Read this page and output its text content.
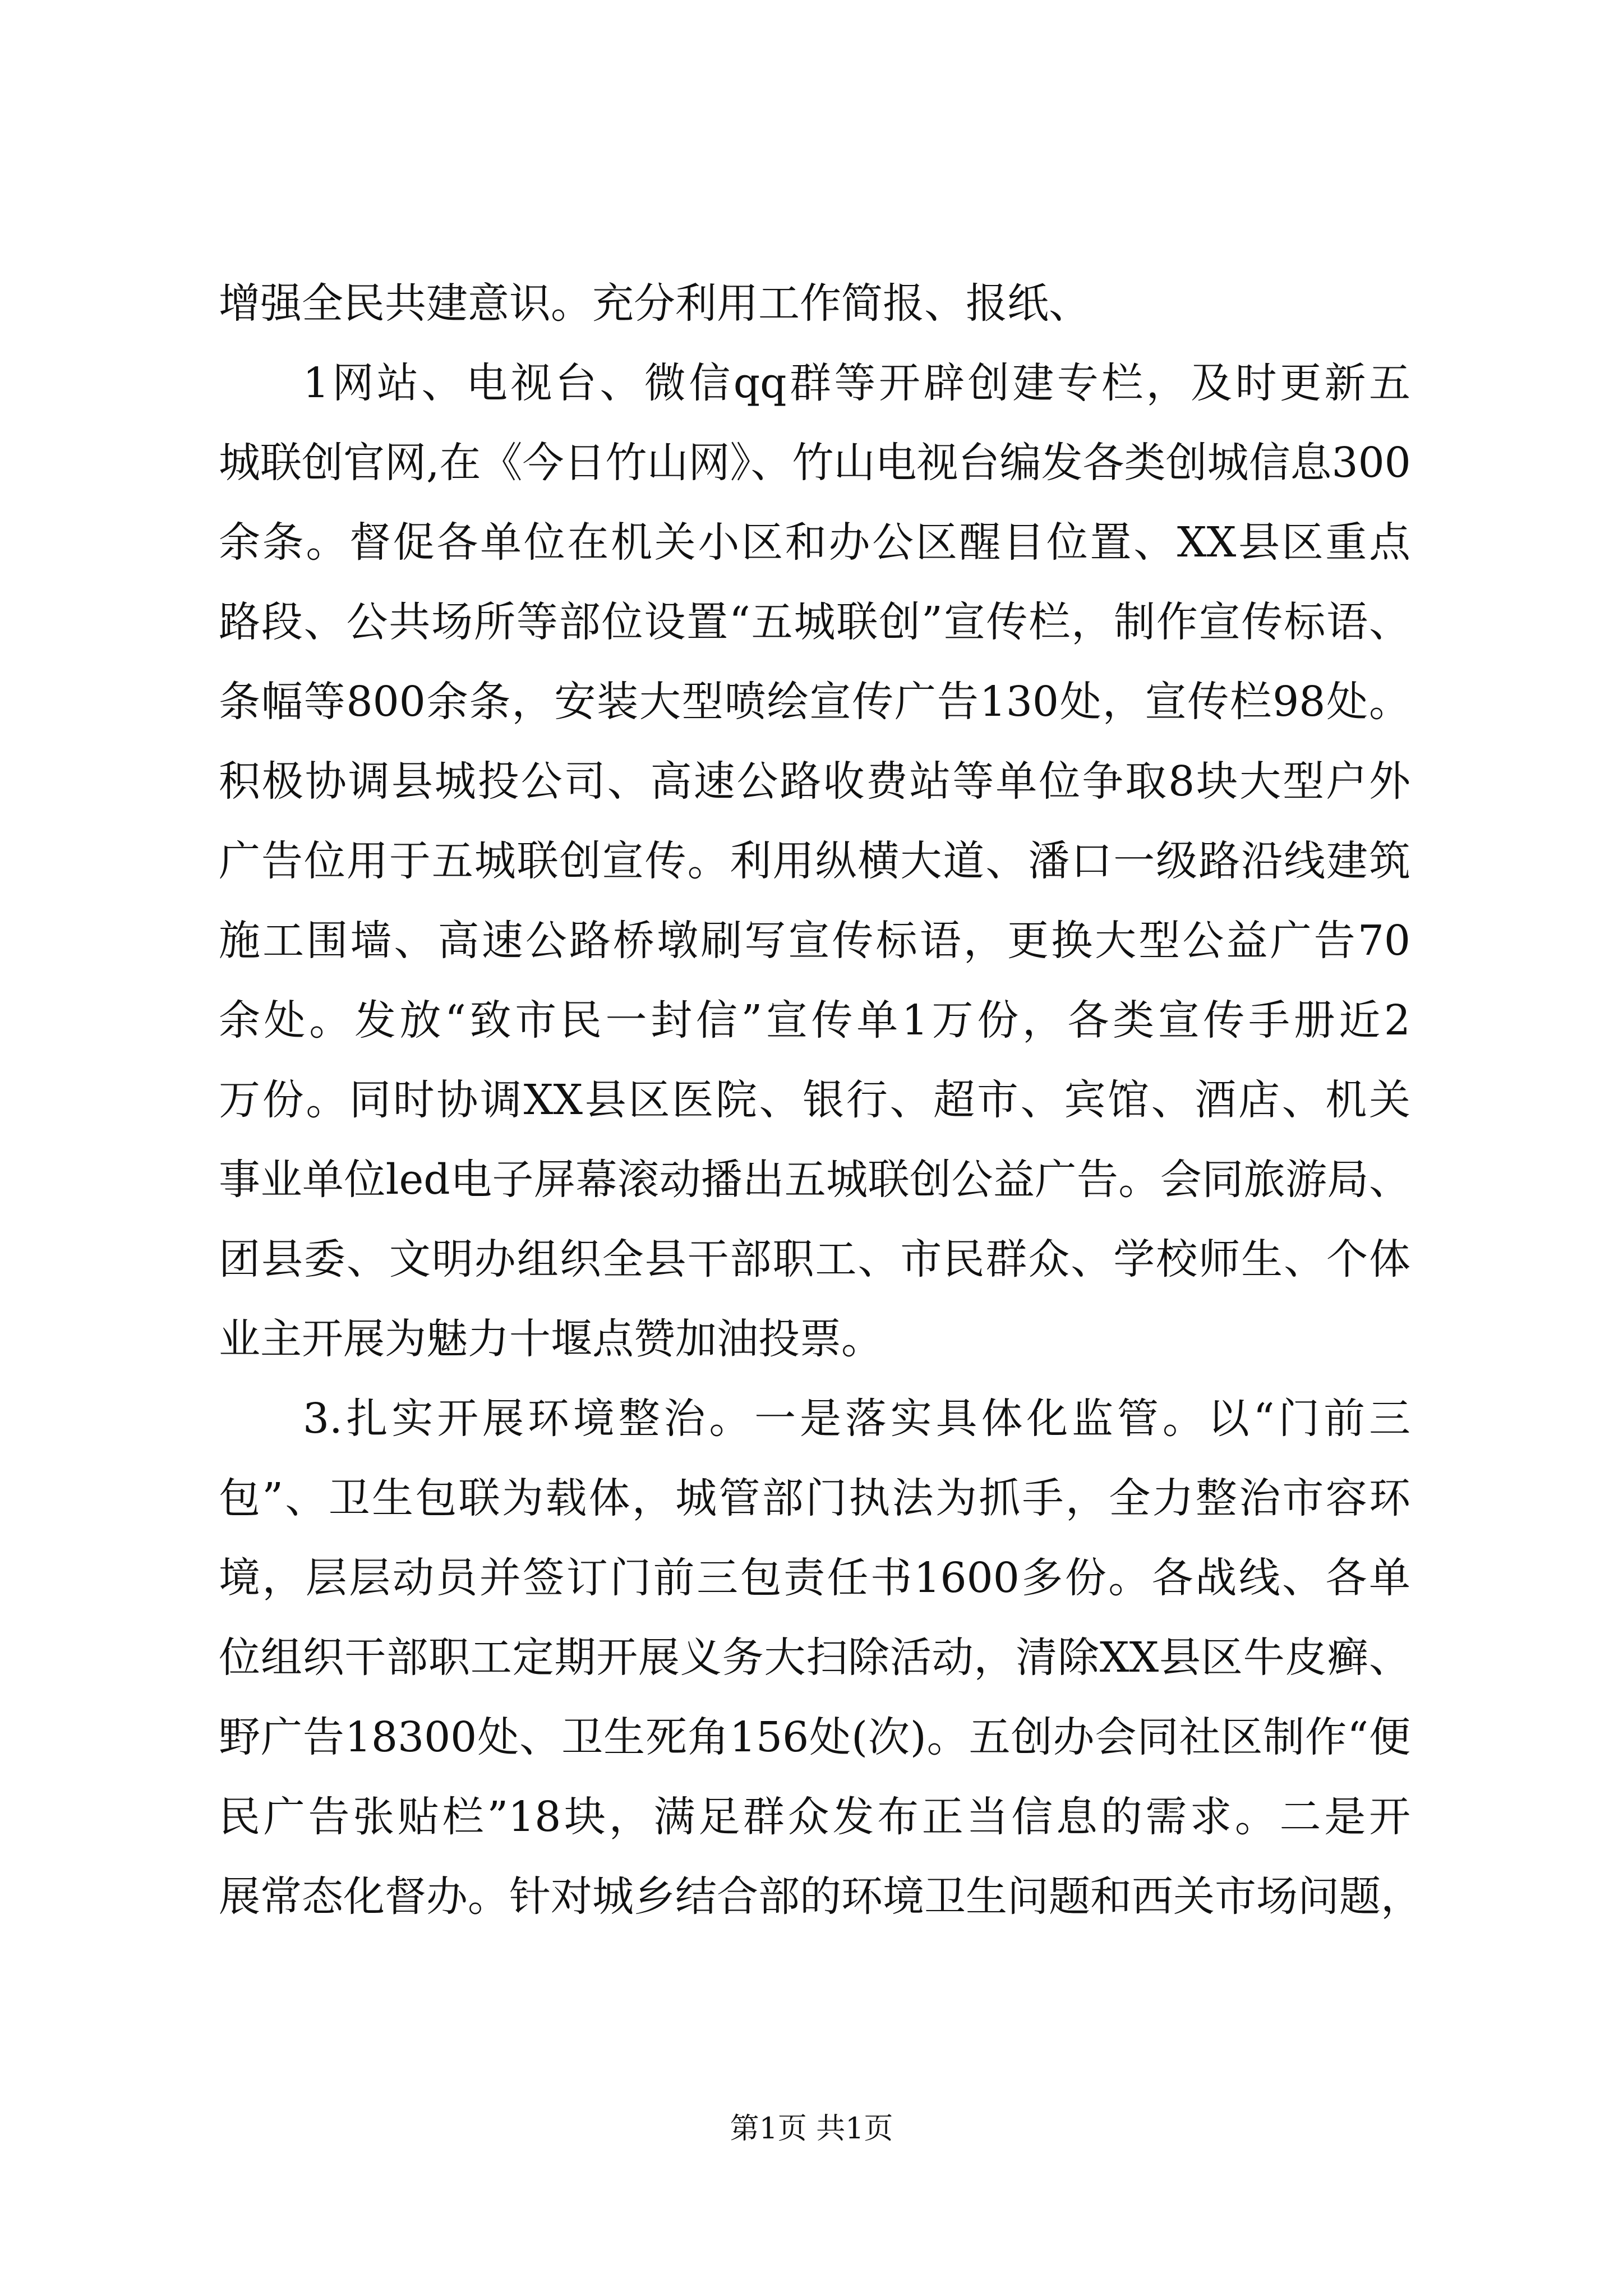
增强全民共建意识。充分利用工作简报、报纸、
1网站、电视台、微信qq群等开辟创建专栏，及时更新五
城联创官网,在《今日竹山网》、竹山电视台编发各类创城信息300
余条。督促各单位在机关小区和办公区醒目位置、XX县区重点
路段、公共场所等部位设置“五城联创”宣传栏，制作宣传标语、
条幅等800余条，安装大型喷绘宣传广告130处，宣传栏98处。
积极协调县城投公司、高速公路收费站等单位争取8块大型户外
广告位用于五城联创宣传。利用纵横大道、潘口一级路沿线建筑
施工围墙、高速公路桥墩刷写宣传标语，更换大型公益广告70
余处。发放“致市民一封信”宣传单1万份，各类宣传手册近2
万份。同时协调XX县区医院、银行、超市、宾馆、酒店、机关
事业单位led电子屏幕滚动播出五城联创公益广告。会同旅游局、
团县委、文明办组织全县干部职工、市民群众、学校师生、个体
业主开展为魅力十堰点赞加油投票。
3.扎实开展环境整治。一是落实具体化监管。以“门前三
包”、卫生包联为载体，城管部门执法为抓手，全力整治市容环
境，层层动员并签订门前三包责任书1600多份。各战线、各单
位组织干部职工定期开展义务大扫除活动，清除XX县区牛皮癣、
野广告18300处、卫生死角156处(次)。五创办会同社区制作“便
民广告张贴栏”18块，满足群众发布正当信息的需求。二是开
展常态化督办。针对城乡结合部的环境卫生问题和西关市场问题，
第1页 共1页
